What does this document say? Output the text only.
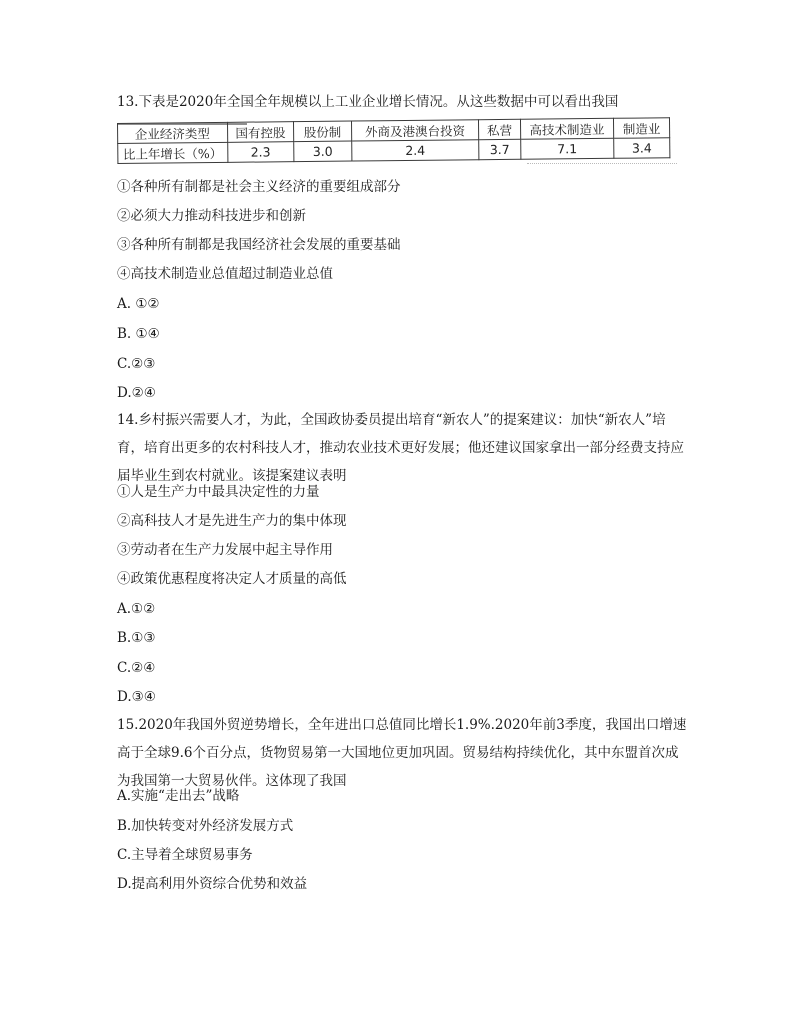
13.下表是2020年全国全年规模以上工业企业增长情况。从这些数据中可以看出我国
企业经济类型	国有控股	股份制	外商及港澳台投资	私营	高技术制造业	制造业
比上年增长（%）	2.3	3.0	2.4	3.7	7.1	3.4
①各种所有制都是社会主义经济的重要组成部分
②必须大力推动科技进步和创新
③各种所有制都是我国经济社会发展的重要基础
④高技术制造业总值超过制造业总值
A. ①②
B. ①④
C.②③
D.②④
14.乡村振兴需要人才，为此，全国政协委员提出培育“新农人”的提案建议：加快“新农人”培育，培育出更多的农村科技人才，推动农业技术更好发展；他还建议国家拿出一部分经费支持应届毕业生到农村就业。该提案建议表明
①人是生产力中最具决定性的力量
②高科技人才是先进生产力的集中体现
③劳动者在生产力发展中起主导作用
④政策优惠程度将决定人才质量的高低
A.①②
B.①③
C.②④
D.③④
15.2020年我国外贸逆势增长，全年进出口总值同比增长1.9%.2020年前3季度，我国出口增速高于全球9.6个百分点，货物贸易第一大国地位更加巩固。贸易结构持续优化，其中东盟首次成为我国第一大贸易伙伴。这体现了我国
A.实施“走出去”战略
B.加快转变对外经济发展方式
C.主导着全球贸易事务
D.提高利用外资综合优势和效益
